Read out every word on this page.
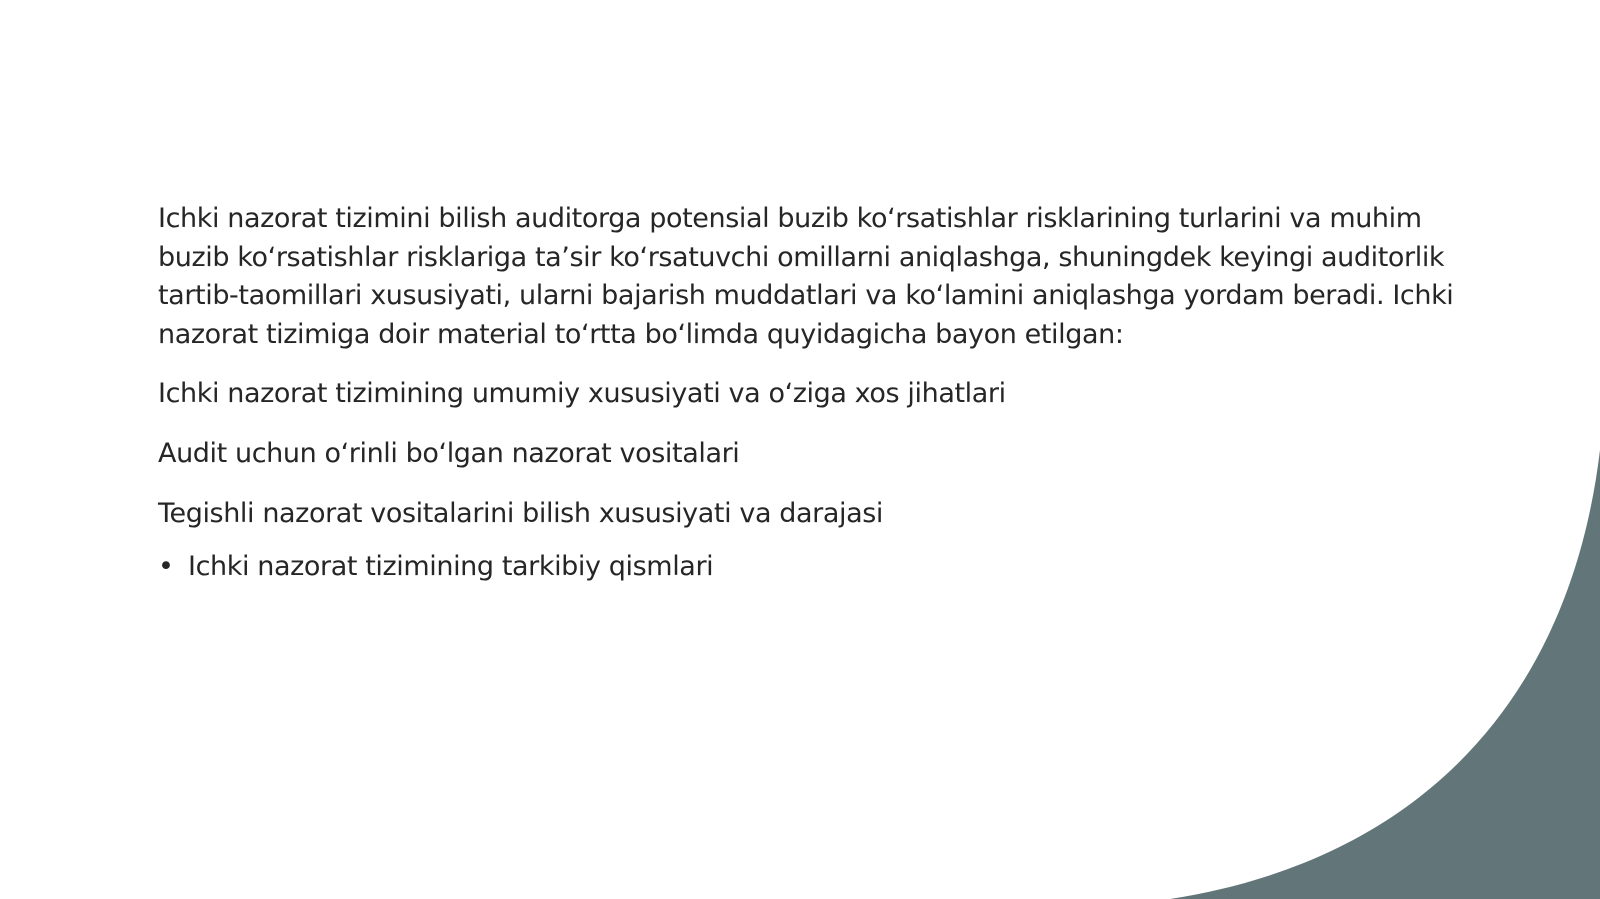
Ichki nazorat tizimini bilish auditorga potensial buzib koʻrsatishlar risklarining turlarini va muhim buzib koʻrsatishlar risklariga ta’sir koʻrsatuvchi omillarni aniqlashga, shuningdek keyingi auditorlik tartib-taomillari xususiyati, ularni bajarish muddatlari va koʻlamini aniqlashga yordam beradi. Ichki nazorat tizimiga doir material toʻrtta boʻlimda quyidagicha bayon etilgan:

Ichki nazorat tizimining umumiy xususiyati va oʻziga xos jihatlari

Audit uchun oʻrinli boʻlgan nazorat vositalari

Tegishli nazorat vositalarini bilish xususiyati va darajasi

• Ichki nazorat tizimining tarkibiy qismlari
